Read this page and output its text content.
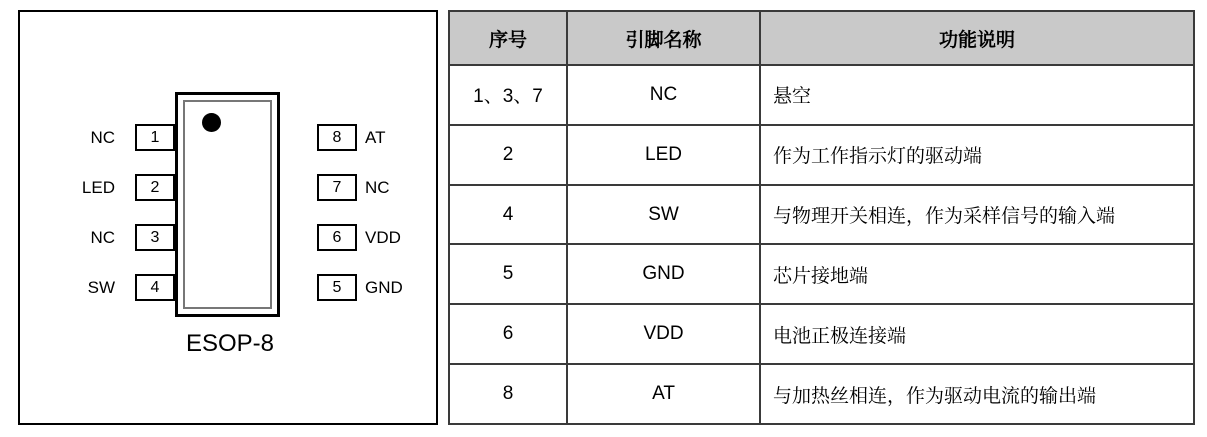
NC	1
LED	2
NC	3
SW	4
8	AT
7	NC
6	VDD
5	GND
ESOP-8
序号	引脚名称	功能说明
1、3、7	NC	悬空
2	LED	作为工作指示灯的驱动端
4	SW	与物理开关相连，作为采样信号的输入端
5	GND	芯片接地端
6	VDD	电池正极连接端
8	AT	与加热丝相连，作为驱动电流的输出端
